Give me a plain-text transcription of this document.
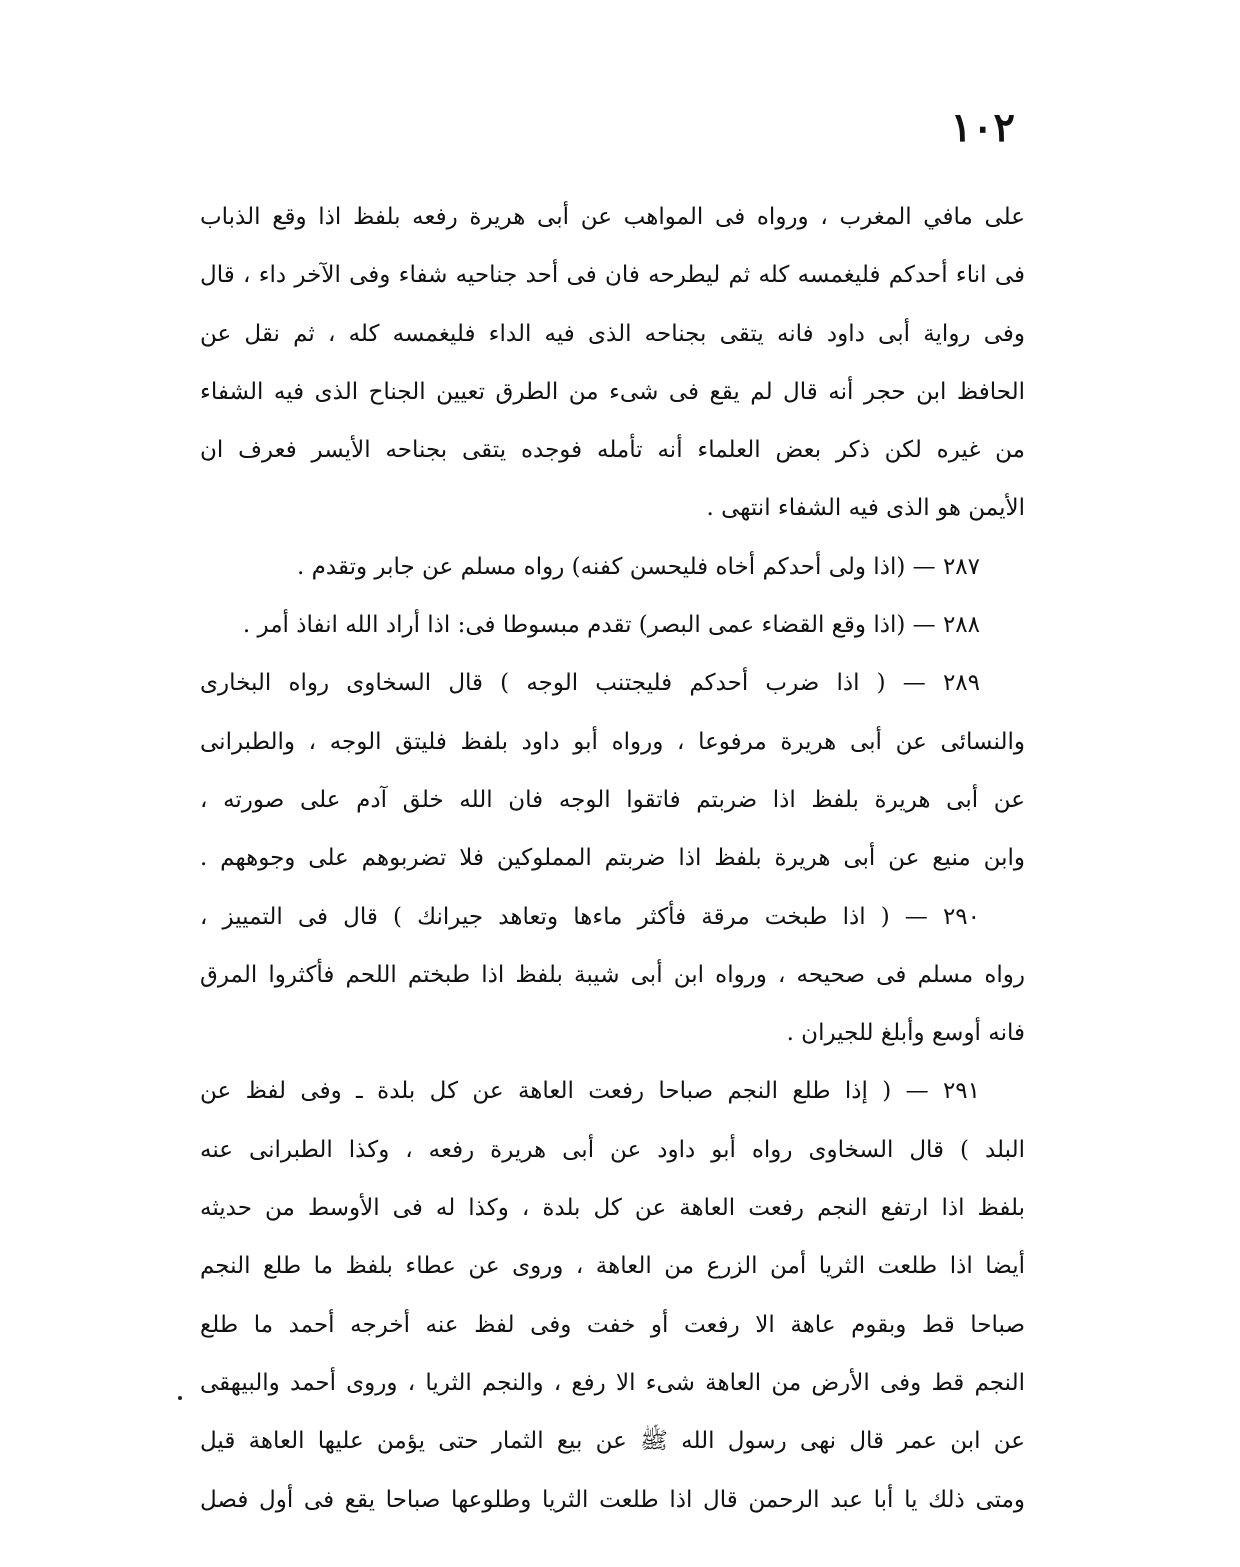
١٠٢
على مافي المغرب ، ورواه فى المواهب عن أبى هريرة رفعه بلفظ اذا وقع الذباب
فى اناء أحدكم فليغمسه كله ثم ليطرحه فان فى أحد جناحيه شفاء وفى الآخر داء ، قال
وفى رواية أبى داود فانه يتقى بجناحه الذى فيه الداء فليغمسه كله ، ثم نقل عن
الحافظ ابن حجر أنه قال لم يقع فى شىء من الطرق تعيين الجناح الذى فيه الشفاء
من غيره لكن ذكر بعض العلماء أنه تأمله فوجده يتقى بجناحه الأيسر فعرف ان
الأيمن هو الذى فيه الشفاء انتهى .
٢٨٧ — (اذا ولى أحدكم أخاه فليحسن كفنه) رواه مسلم عن جابر وتقدم .
٢٨٨ — (اذا وقع القضاء عمى البصر) تقدم مبسوطا فى: اذا أراد الله انفاذ أمر .
٢٨٩ — ( اذا ضرب أحدكم فليجتنب الوجه ) قال السخاوى رواه البخارى
والنسائى عن أبى هريرة مرفوعا ، ورواه أبو داود بلفظ فليتق الوجه ، والطبرانى
عن أبى هريرة بلفظ اذا ضربتم فاتقوا الوجه فان الله خلق آدم على صورته ،
وابن منيع عن أبى هريرة بلفظ اذا ضربتم المملوكين فلا تضربوهم على وجوههم .
٢٩٠ — ( اذا طبخت مرقة فأكثر ماءها وتعاهد جيرانك ) قال فى التمييز ،
رواه مسلم فى صحيحه ، ورواه ابن أبى شيبة بلفظ اذا طبختم اللحم فأكثروا المرق
فانه أوسع وأبلغ للجيران .
٢٩١ — ( إذا طلع النجم صباحا رفعت العاهة عن كل بلدة ـ وفى لفظ عن
البلد ) قال السخاوى رواه أبو داود عن أبى هريرة رفعه ، وكذا الطبرانى عنه
بلفظ اذا ارتفع النجم رفعت العاهة عن كل بلدة ، وكذا له فى الأوسط من حديثه
أيضا اذا طلعت الثريا أمن الزرع من العاهة ، وروى عن عطاء بلفظ ما طلع النجم
صباحا قط وبقوم عاهة الا رفعت أو خفت وفى لفظ عنه أخرجه أحمد ما طلع
النجم قط وفى الأرض من العاهة شىء الا رفع ، والنجم الثريا ، وروى أحمد والبيهقى
عن ابن عمر قال نهى رسول الله ﷺ عن بيع الثمار حتى يؤمن عليها العاهة قيل
ومتى ذلك يا أبا عبد الرحمن قال اذا طلعت الثريا وطلوعها صباحا يقع فى أول فصل
